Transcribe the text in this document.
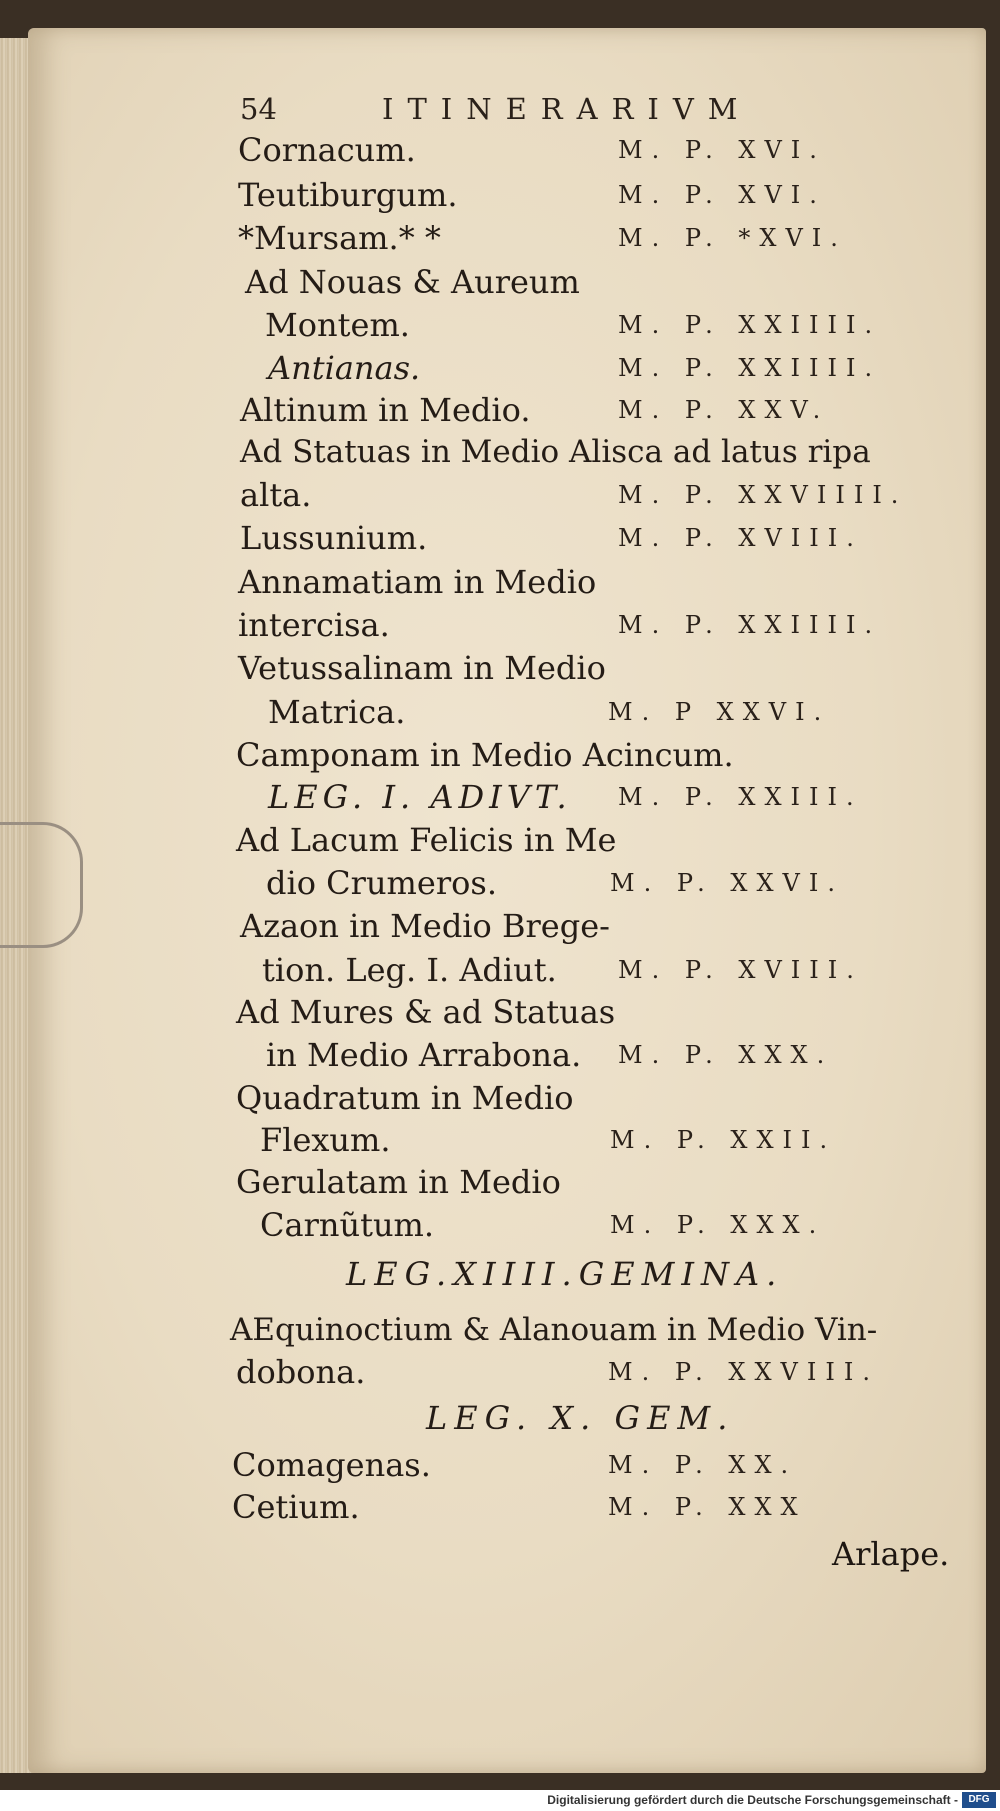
54	ITINERARIVM
Cornacum.	M. P. XVI.
Teutiburgum.	M. P. XVI.
*Mursam.* *	M. P. *XVI.
Ad Nouas & Aureum
Montem.	M. P. XXIIII.
Antianas.	M. P. XXIIII.
Altinum in Medio.	M. P. XXV.
Ad Statuas in Medio Alisca ad latus ripa
alta.	M. P. XXVIIII.
Lussunium.	M. P. XVIII.
Annamatiam in Medio
intercisa.	M. P. XXIIII.
Vetussalinam in Medio
Matrica.	M. P XXVI.
Camponam in Medio Acincum.
LEG. I. ADIVT. M. P. XXIII.
Ad Lacum Felicis in Me
dio Crumeros.	M. P. XXVI.
Azaon in Medio Brege-
tion. Leg. I. Adiut.	M. P. XVIII.
Ad Mures & ad Statuas
in Medio Arrabona. M. P. XXX.
Quadratum in Medio
Flexum.	M. P. XXII.
Gerulatam in Medio
Carnũtum.	M. P. XXX.
LEG.XIIII.GEMINA.
AEquinoctium & Alanouam in Medio Vin-
dobona.	M. P. XXVIII.
LEG. X. GEM.
Comagenas.	M. P. XX.
Cetium.	M. P. XXX
Arlape.
Digitalisierung gefördert durch die Deutsche Forschungsgemeinschaft -	DFG
